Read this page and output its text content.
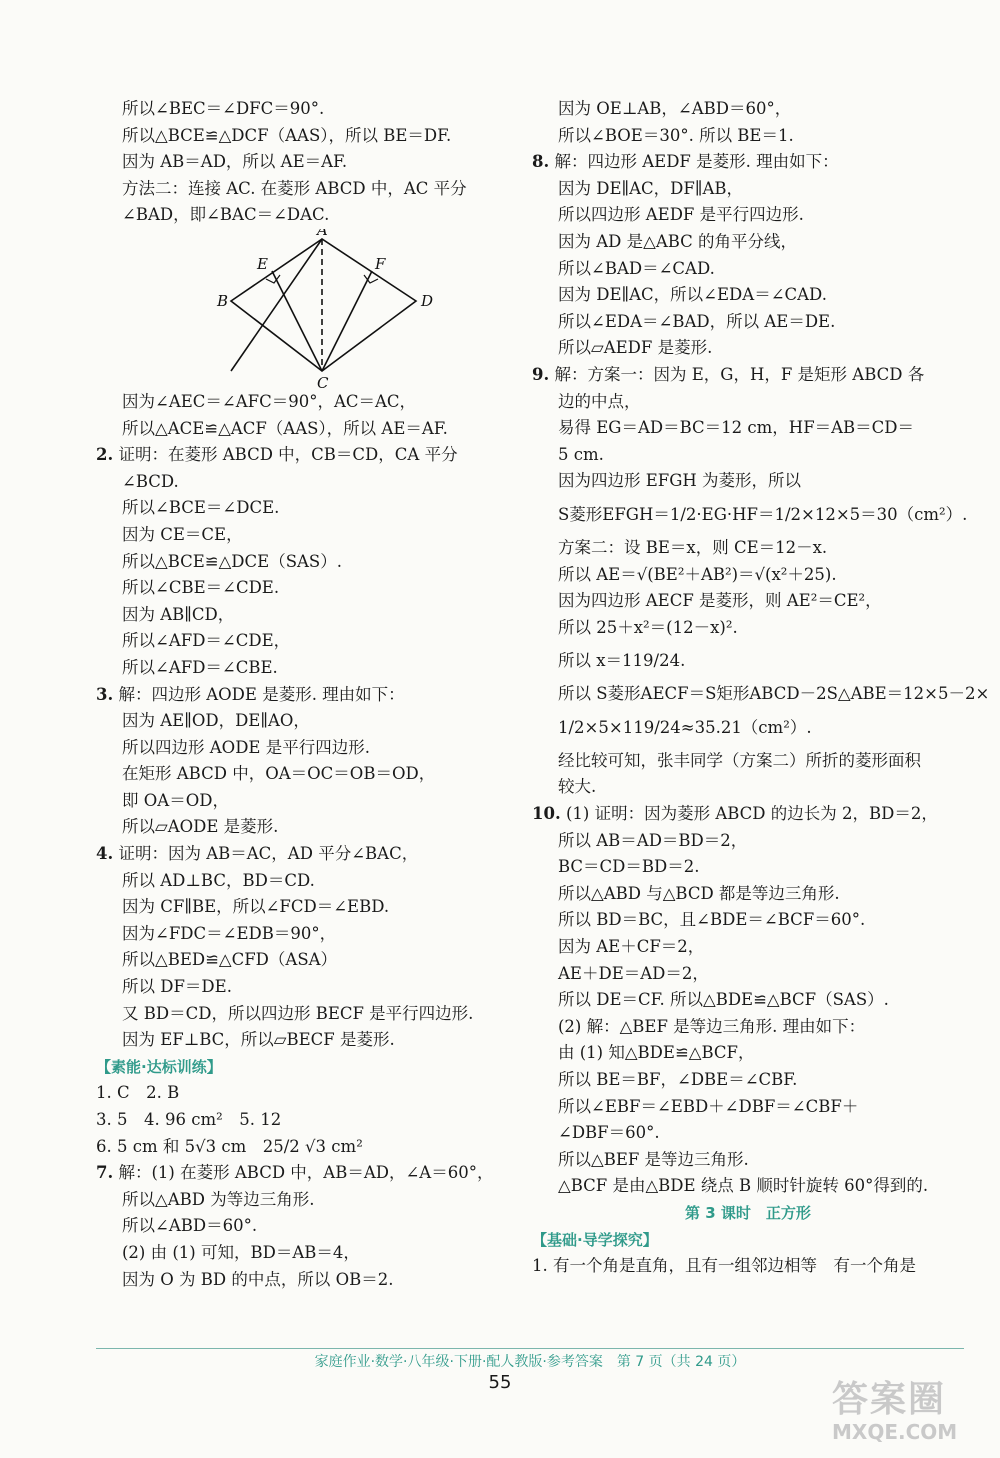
所以∠BEC＝∠DFC＝90°.
所以△BCE≌△DCF（AAS），所以 BE＝DF.
因为 AB＝AD，所以 AE＝AF.
方法二：连接 AC. 在菱形 ABCD 中，AC 平分
∠BAD，即∠BAC＝∠DAC.
A
B
C
D
E	F
因为∠AEC＝∠AFC＝90°，AC＝AC，
所以△ACE≌△ACF（AAS），所以 AE＝AF.
2. 证明：在菱形 ABCD 中，CB＝CD，CA 平分
∠BCD.
所以∠BCE＝∠DCE.
因为 CE＝CE，
所以△BCE≌△DCE（SAS）.
所以∠CBE＝∠CDE.
因为 AB∥CD，
所以∠AFD＝∠CDE，
所以∠AFD＝∠CBE.
3. 解：四边形 AODE 是菱形. 理由如下：
因为 AE∥OD，DE∥AO，
所以四边形 AODE 是平行四边形.
在矩形 ABCD 中，OA＝OC＝OB＝OD，
即 OA＝OD，
所以▱AODE 是菱形.
4. 证明：因为 AB＝AC，AD 平分∠BAC，
所以 AD⊥BC，BD＝CD.
因为 CF∥BE，所以∠FCD＝∠EBD.
因为∠FDC＝∠EDB＝90°，
所以△BED≌△CFD（ASA）
所以 DF＝DE.
又 BD＝CD，所以四边形 BECF 是平行四边形.
因为 EF⊥BC，所以▱BECF 是菱形.
【素能·达标训练】
1. C　2. B
3. 5　4. 96 cm²　5. 12
6. 5 cm 和 5√3 cm　25/2 √3 cm²
7. 解：(1) 在菱形 ABCD 中，AB＝AD，∠A＝60°，
所以△ABD 为等边三角形.
所以∠ABD＝60°.
(2) 由 (1) 可知，BD＝AB＝4，
因为 O 为 BD 的中点，所以 OB＝2.
因为 OE⊥AB，∠ABD＝60°，
所以∠BOE＝30°. 所以 BE＝1.
8. 解：四边形 AEDF 是菱形. 理由如下：
因为 DE∥AC，DF∥AB，
所以四边形 AEDF 是平行四边形.
因为 AD 是△ABC 的角平分线，
所以∠BAD＝∠CAD.
因为 DE∥AC，所以∠EDA＝∠CAD.
所以∠EDA＝∠BAD，所以 AE＝DE.
所以▱AEDF 是菱形.
9. 解：方案一：因为 E，G，H，F 是矩形 ABCD 各
边的中点，
易得 EG＝AD＝BC＝12 cm，HF＝AB＝CD＝
5 cm.
因为四边形 EFGH 为菱形，所以
S菱形EFGH＝1/2·EG·HF＝1/2×12×5＝30（cm²）.
方案二：设 BE＝x，则 CE＝12－x.
所以 AE＝√(BE²＋AB²)＝√(x²＋25).
因为四边形 AECF 是菱形，则 AE²＝CE²，
所以 25＋x²＝(12－x)².
所以 x＝119/24.
所以 S菱形AECF＝S矩形ABCD－2S△ABE＝12×5－2×
1/2×5×119/24≈35.21（cm²）.
经比较可知，张丰同学（方案二）所折的菱形面积
较大.
10. (1) 证明：因为菱形 ABCD 的边长为 2，BD＝2，
所以 AB＝AD＝BD＝2，
BC＝CD＝BD＝2.
所以△ABD 与△BCD 都是等边三角形.
所以 BD＝BC，且∠BDE＝∠BCF＝60°.
因为 AE＋CF＝2，
AE＋DE＝AD＝2，
所以 DE＝CF. 所以△BDE≌△BCF（SAS）.
(2) 解：△BEF 是等边三角形. 理由如下：
由 (1) 知△BDE≌△BCF，
所以 BE＝BF，∠DBE＝∠CBF.
所以∠EBF＝∠EBD＋∠DBF＝∠CBF＋
∠DBF＝60°.
所以△BEF 是等边三角形.
△BCF 是由△BDE 绕点 B 顺时针旋转 60°得到的.
第 3 课时　正方形
【基础·导学探究】
1. 有一个角是直角，且有一组邻边相等　有一个角是
家庭作业·数学·八年级·下册·配人教版·参考答案　第 7 页（共 24 页）
55	答案圈
MXQE.COM
